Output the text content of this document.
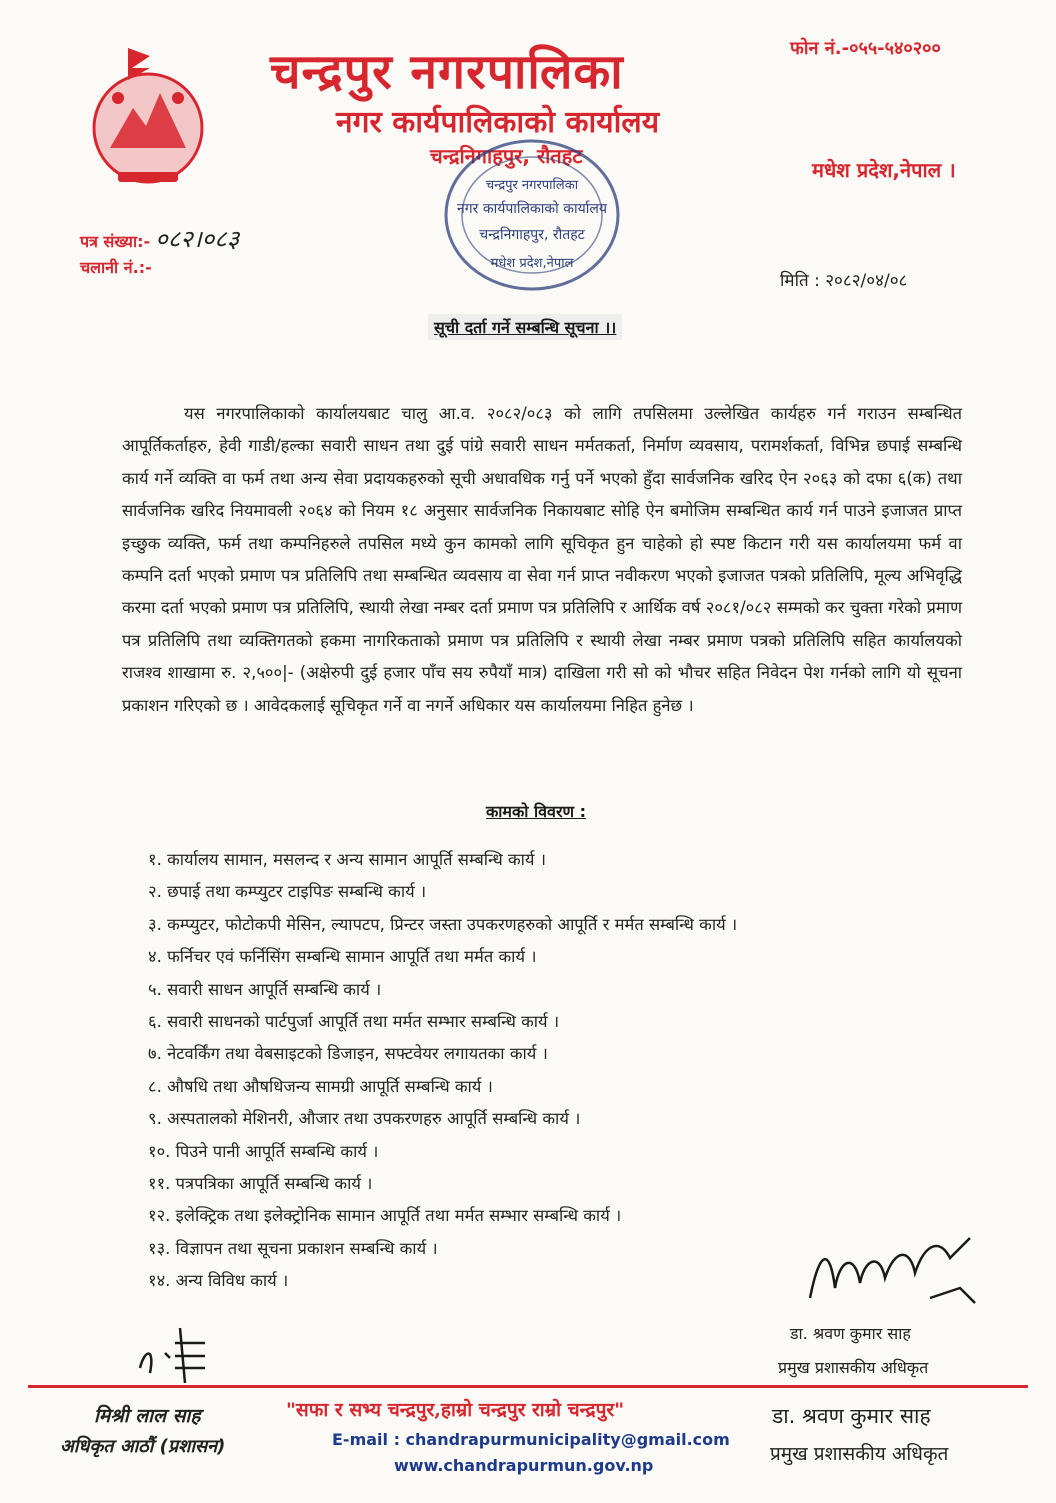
चन्द्रपुर नगरपालिका
नगर कार्यपालिकाको कार्यालय
चन्द्रनिगाहपुर, रौतहट
फोन नं.-०५५-५४०२००
मधेश प्रदेश,नेपाल ।
चन्द्रपुर नगरपालिका
नगर कार्यपालिकाको कार्यालय
चन्द्रनिगाहपुर, रौतहट
मधेश प्रदेश,नेपाल
पत्र संख्या:- ०८२।०८३
चलानी नं.:-
मिति : २०८२/०४/०८
सूची दर्ता गर्ने सम्बन्धि सूचना ।।

यस नगरपालिकाको कार्यालयबाट चालु आ.व. २०८२/०८३ को लागि तपसिलमा उल्लेखित कार्यहरु गर्न गराउन सम्बन्धित आपूर्तिकर्ताहरु, हेवी गाडी/हल्का सवारी साधन तथा दुई पांग्रे सवारी साधन मर्मतकर्ता, निर्माण व्यवसाय, परामर्शकर्ता, विभिन्न छपाई सम्बन्धि कार्य गर्ने व्यक्ति वा फर्म तथा अन्य सेवा प्रदायकहरुको सूची अधावधिक गर्नु पर्ने भएको हुँदा सार्वजनिक खरिद ऐन २०६३ को दफा ६(क) तथा सार्वजनिक खरिद नियमावली २०६४ को नियम १८ अनुसार सार्वजनिक निकायबाट सोहि ऐन बमोजिम सम्बन्धित कार्य गर्न पाउने इजाजत प्राप्त इच्छुक व्यक्ति, फर्म तथा कम्पनिहरुले तपसिल मध्ये कुन कामको लागि सूचिकृत हुन चाहेको हो स्पष्ट किटान गरी यस कार्यालयमा फर्म वा कम्पनि दर्ता भएको प्रमाण पत्र प्रतिलिपि तथा सम्बन्धित व्यवसाय वा सेवा गर्न प्राप्त नवीकरण भएको इजाजत पत्रको प्रतिलिपि, मूल्य अभिवृद्धि करमा दर्ता भएको प्रमाण पत्र प्रतिलिपि, स्थायी लेखा नम्बर दर्ता प्रमाण पत्र प्रतिलिपि र आर्थिक वर्ष २०८१/०८२ सम्मको कर चुक्ता गरेको प्रमाण पत्र प्रतिलिपि तथा व्यक्तिगतको हकमा नागरिकताको प्रमाण पत्र प्रतिलिपि र स्थायी लेखा नम्बर प्रमाण पत्रको प्रतिलिपि सहित कार्यालयको राजश्व शाखामा रु. २,५००|- (अक्षेरुपी दुई हजार पाँच सय रुपैयाँ मात्र) दाखिला गरी सो को भौचर सहित निवेदन पेश गर्नको लागि यो सूचना प्रकाशन गरिएको छ । आवेदकलाई सूचिकृत गर्ने वा नगर्ने अधिकार यस कार्यालयमा निहित हुनेछ ।

कामको विवरण :
१. कार्यालय सामान, मसलन्द र अन्य सामान आपूर्ति सम्बन्धि कार्य ।
२. छपाई तथा कम्प्युटर टाइपिङ सम्बन्धि कार्य ।
३. कम्प्युटर, फोटोकपी मेसिन, ल्यापटप, प्रिन्टर जस्ता उपकरणहरुको आपूर्ति र मर्मत सम्बन्धि कार्य ।
४. फर्निचर एवं फर्निसिंग सम्बन्धि सामान आपूर्ति तथा मर्मत कार्य ।
५. सवारी साधन आपूर्ति सम्बन्धि कार्य ।
६. सवारी साधनको पार्टपुर्जा आपूर्ति तथा मर्मत सम्भार सम्बन्धि कार्य ।
७. नेटवर्किंग तथा वेबसाइटको डिजाइन, सफ्टवेयर लगायतका कार्य ।
८. औषधि तथा औषधिजन्य सामग्री आपूर्ति सम्बन्धि कार्य ।
९. अस्पतालको मेशिनरी, औजार तथा उपकरणहरु आपूर्ति सम्बन्धि कार्य ।
१०. पिउने पानी आपूर्ति सम्बन्धि कार्य ।
११. पत्रपत्रिका आपूर्ति सम्बन्धि कार्य ।
१२. इलेक्ट्रिक तथा इलेक्ट्रोनिक सामान आपूर्ति तथा मर्मत सम्भार सम्बन्धि कार्य ।
१३. विज्ञापन तथा सूचना प्रकाशन सम्बन्धि कार्य ।
१४. अन्य विविध कार्य ।
डा. श्रवण कुमार साह
प्रमुख प्रशासकीय अधिकृत
मिश्री लाल साह
अधिकृत आठौं (प्रशासन)
"सफा र सभ्य चन्द्रपुर,हाम्रो चन्द्रपुर राम्रो चन्द्रपुर"
E-mail : chandrapurmunicipality@gmail.com
www.chandrapurmun.gov.np
डा. श्रवण कुमार साह
प्रमुख प्रशासकीय अधिकृत
